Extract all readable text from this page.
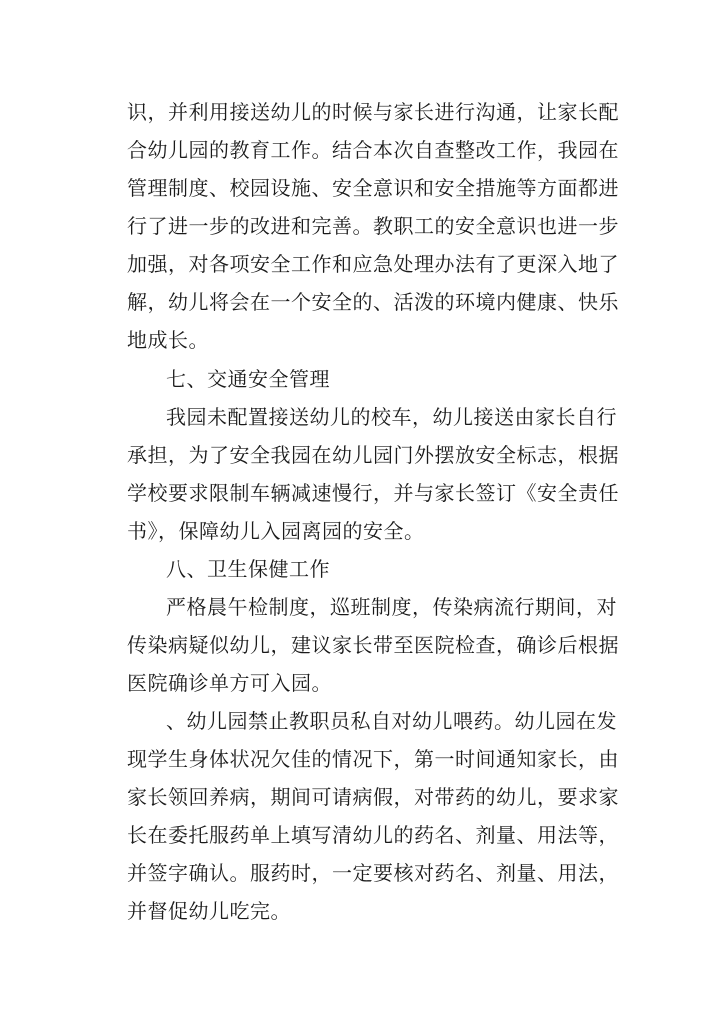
识，并利用接送幼儿的时候与家长进行沟通，让家长配
合幼儿园的教育工作。结合本次自查整改工作，我园在
管理制度、校园设施、安全意识和安全措施等方面都进
行了进一步的改进和完善。教职工的安全意识也进一步
加强，对各项安全工作和应急处理办法有了更深入地了
解，幼儿将会在一个安全的、活泼的环境内健康、快乐
地成长。
七、交通安全管理
我园未配置接送幼儿的校车，幼儿接送由家长自行
承担，为了安全我园在幼儿园门外摆放安全标志，根据
学校要求限制车辆减速慢行，并与家长签订《安全责任
书》，保障幼儿入园离园的安全。
八、卫生保健工作
严格晨午检制度，巡班制度，传染病流行期间，对
传染病疑似幼儿，建议家长带至医院检查，确诊后根据
医院确诊单方可入园。
、幼儿园禁止教职员私自对幼儿喂药。幼儿园在发
现学生身体状况欠佳的情况下，第一时间通知家长，由
家长领回养病，期间可请病假，对带药的幼儿，要求家
长在委托服药单上填写清幼儿的药名、剂量、用法等，
并签字确认。服药时，一定要核对药名、剂量、用法，
并督促幼儿吃完。
